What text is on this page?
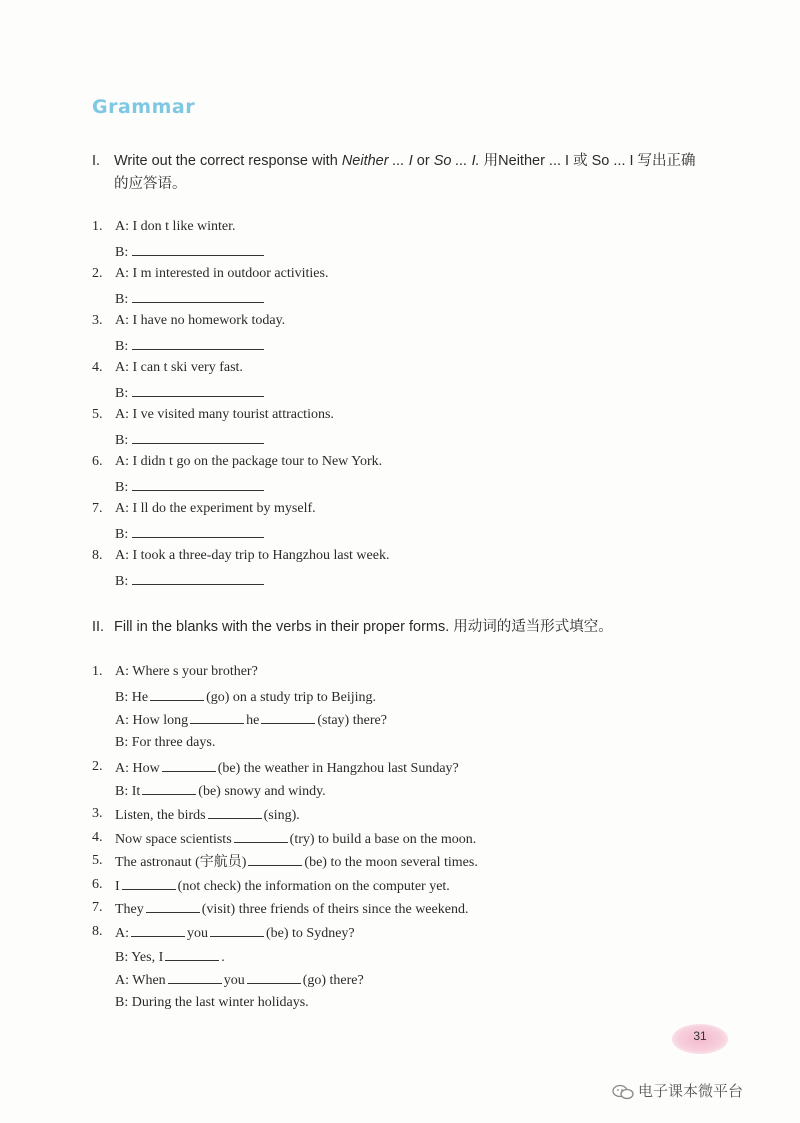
Grammar
I. Write out the correct response with Neither ... I or So ... I. 用Neither ... I 或 So ... I 写出正确
的应答语。
1. A: I don t like winter.
B:
2. A: I m interested in outdoor activities.
B:
3. A: I have no homework today.
B:
4. A: I can t ski very fast.
B:
5. A: I ve visited many tourist attractions.
B:
6. A: I didn t go on the package tour to New York.
B:
7. A: I ll do the experiment by myself.
B:
8. A: I took a three-day trip to Hangzhou last week.
B:
II. Fill in the blanks with the verbs in their proper forms. 用动词的适当形式填空。
1. A: Where s your brother?
B: He	(go) on a study trip to Beijing.
A: How long	he	(stay) there?
B: For three days.
2. A: How	(be) the weather in Hangzhou last Sunday?
B: It	(be) snowy and windy.
3. Listen, the birds	(sing).
4. Now space scientists	(try) to build a base on the moon.
5. The astronaut (宇航员)	(be) to the moon several times.
6. I	(not check) the information on the computer yet.
7. They	(visit) three friends of theirs since the weekend.
8. A:	you	(be) to Sydney?
B: Yes, I	.
A: When	you	(go) there?
B: During the last winter holidays.
31
电子课本微平台
